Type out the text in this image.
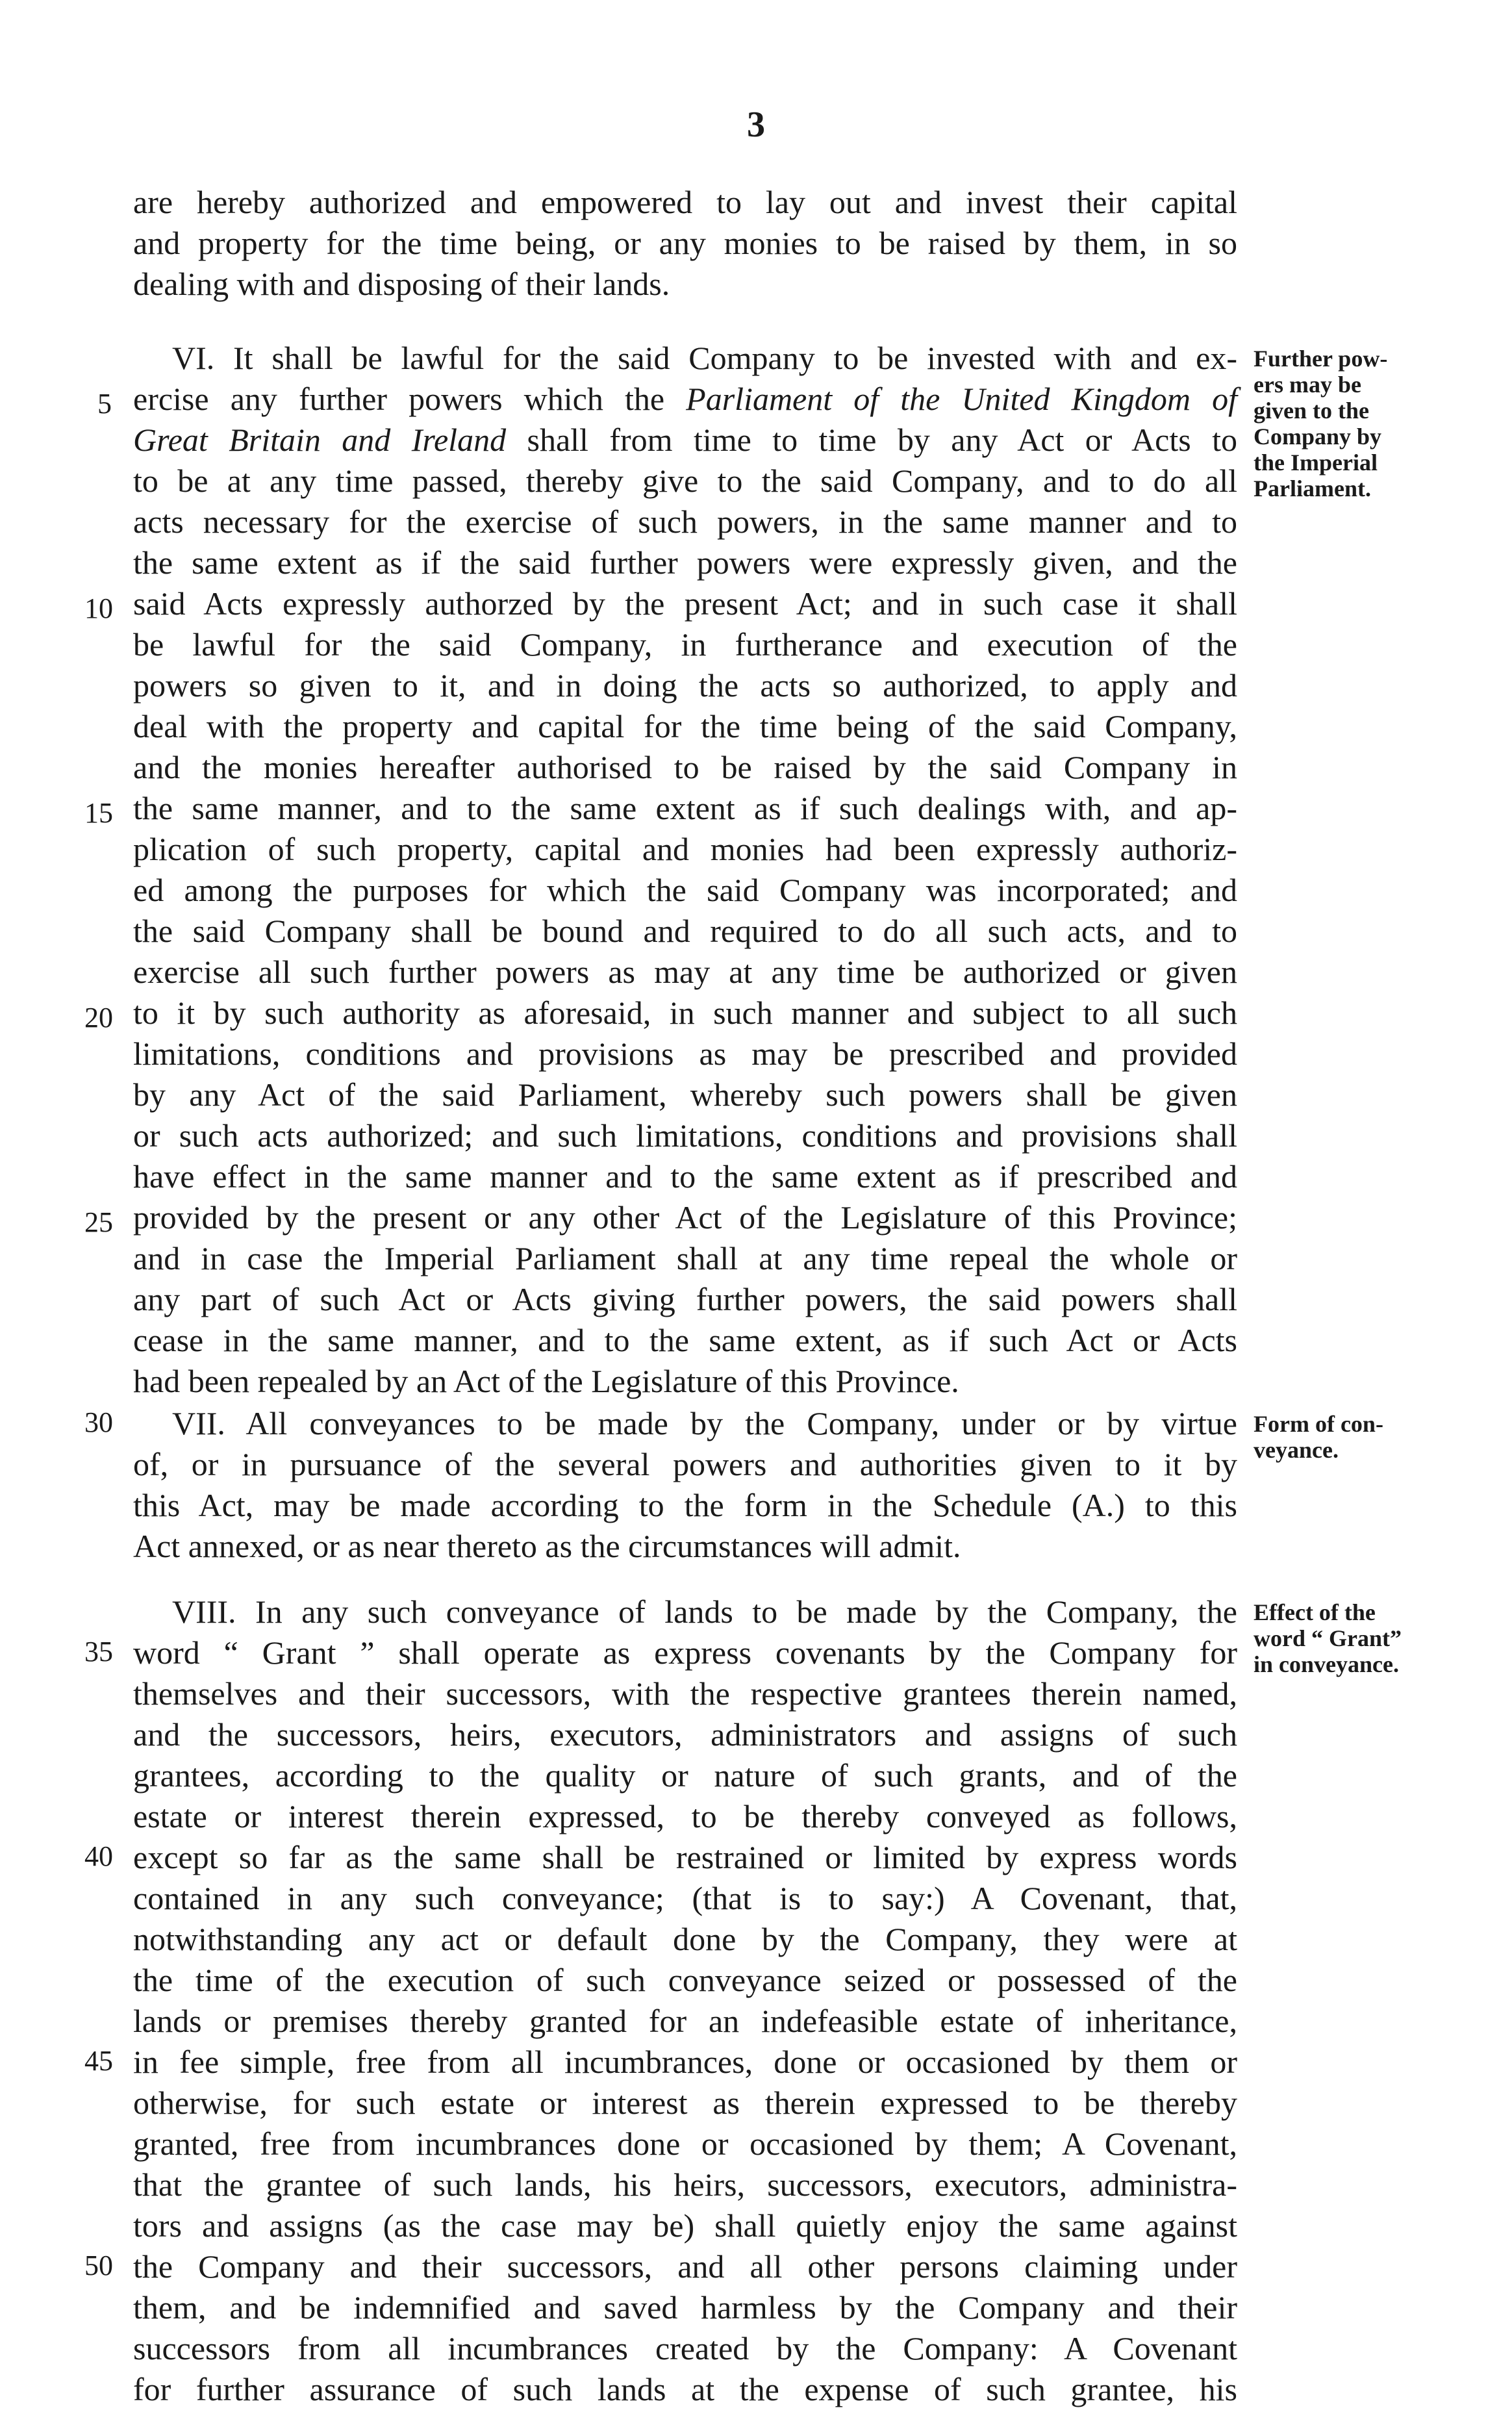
3
are hereby authorized and empowered to lay out and invest their capital
and property for the time being, or any monies to be raised by them, in so
dealing with and disposing of their lands.
VI. It shall be lawful for the said Company to be invested with and ex-
ercise any further powers which the Parliament of the United Kingdom of
Great Britain and Ireland shall from time to time by any Act or Acts to
to be at any time passed, thereby give to the said Company, and to do all
acts necessary for the exercise of such powers, in the same manner and to
the same extent as if the said further powers were expressly given, and the
said Acts expressly authorzed by the present Act; and in such case it shall
be lawful for the said Company, in furtherance and execution of the
powers so given to it, and in doing the acts so authorized, to apply and
deal with the property and capital for the time being of the said Company,
and the monies hereafter authorised to be raised by the said Company in
the same manner, and to the same extent as if such dealings with, and ap-
plication of such property, capital and monies had been expressly authoriz-
ed among the purposes for which the said Company was incorporated; and
the said Company shall be bound and required to do all such acts, and to
exercise all such further powers as may at any time be authorized or given
to it by such authority as aforesaid, in such manner and subject to all such
limitations, conditions and provisions as may be prescribed and provided
by any Act of the said Parliament, whereby such powers shall be given
or such acts authorized; and such limitations, conditions and provisions shall
have effect in the same manner and to the same extent as if prescribed and
provided by the present or any other Act of the Legislature of this Province;
and in case the Imperial Parliament shall at any time repeal the whole or
any part of such Act or Acts giving further powers, the said powers shall
cease in the same manner, and to the same extent, as if such Act or Acts
had been repealed by an Act of the Legislature of this Province.
VII. All conveyances to be made by the Company, under or by virtue
of, or in pursuance of the several powers and authorities given to it by
this Act, may be made according to the form in the Schedule (A.) to this
Act annexed, or as near thereto as the circumstances will admit.
VIII. In any such conveyance of lands to be made by the Company, the
word “ Grant ” shall operate as express covenants by the Company for
themselves and their successors, with the respective grantees therein named,
and the successors, heirs, executors, administrators and assigns of such
grantees, according to the quality or nature of such grants, and of the
estate or interest therein expressed, to be thereby conveyed as follows,
except so far as the same shall be restrained or limited by express words
contained in any such conveyance; (that is to say:) A Covenant, that,
notwithstanding any act or default done by the Company, they were at
the time of the execution of such conveyance seized or possessed of the
lands or premises thereby granted for an indefeasible estate of inheritance,
in fee simple, free from all incumbrances, done or occasioned by them or
otherwise, for such estate or interest as therein expressed to be thereby
granted, free from incumbrances done or occasioned by them; A Covenant,
that the grantee of such lands, his heirs, successors, executors, administra-
tors and assigns (as the case may be) shall quietly enjoy the same against
the Company and their successors, and all other persons claiming under
them, and be indemnified and saved harmless by the Company and their
successors from all incumbrances created by the Company: A Covenant
for further assurance of such lands at the expense of such grantee, his
5
10
15
20
25
30
35
40
45
50
Further pow-
ers may be
given to the
Company by
the Imperial
Parliament.
Form of con-
veyance.
Effect of the
word “ Grant”
in conveyance.
